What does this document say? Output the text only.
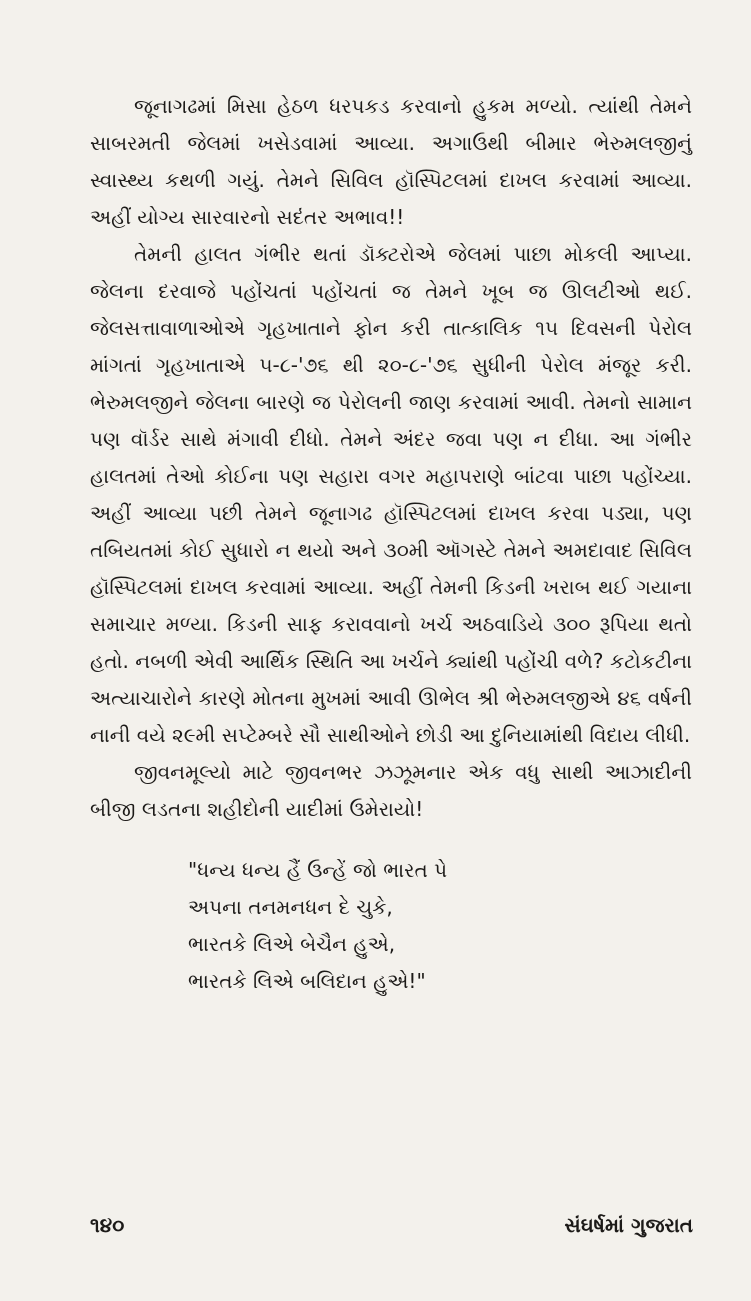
જૂનાગઢમાં મિસા હેઠળ ધરપકડ કરવાનો હુકમ મળ્યો. ત્યાંથી તેમને સાબરમતી જેલમાં ખસેડવામાં આવ્યા. અગાઉથી બીમાર ભેરુમલજીનું સ્વાસ્થ્ય કથળી ગયું. તેમને સિવિલ હૉસ્પિટલમાં દાખલ કરવામાં આવ્યા. અહીં યોગ્ય સારવારનો સદંતર અભાવ!!

તેમની હાલત ગંભીર થતાં ડૉક્ટરોએ જેલમાં પાછા મોકલી આપ્યા. જેલના દરવાજે પહોંચતાં પહોંચતાં જ તેમને ખૂબ જ ઊલટીઓ થઈ. જેલસત્તાવાળાઓએ ગૃહખાતાને ફોન કરી તાત્કાલિક ૧૫ દિવસની પેરોલ માંગતાં ગૃહખાતાએ ૫-૮-'૭૬ થી ૨૦-૮-'૭૬ સુધીની પેરોલ મંજૂર કરી. ભેરુમલજીને જેલના બારણે જ પેરોલની જાણ કરવામાં આવી. તેમનો સામાન પણ વૉર્ડર સાથે મંગાવી દીધો. તેમને અંદર જવા પણ ન દીધા. આ ગંભીર હાલતમાં તેઓ કોઈના પણ સહારા વગર મહાપરાણે બાંટવા પાછા પહોંચ્યા. અહીં આવ્યા પછી તેમને જૂનાગઢ હૉસ્પિટલમાં દાખલ કરવા પડ્યા, પણ તબિયતમાં કોઈ સુધારો ન થયો અને ૩૦મી ઑગસ્ટે તેમને અમદાવાદ સિવિલ હૉસ્પિટલમાં દાખલ કરવામાં આવ્યા. અહીં તેમની કિડની ખરાબ થઈ ગયાના સમાચાર મળ્યા. કિડની સાફ કરાવવાનો ખર્ચ અઠવાડિયે ૩૦૦ રૂપિયા થતો હતો. નબળી એવી આર્થિક સ્થિતિ આ ખર્ચને ક્યાંથી પહોંચી વળે? કટોકટીના અત્યાચારોને કારણે મોતના મુખમાં આવી ઊભેલ શ્રી ભેરુમલજીએ ૪૬ વર્ષની નાની વયે ૨૯મી સપ્ટેમ્બરે સૌ સાથીઓને છોડી આ દુનિયામાંથી વિદાય લીધી.

જીવનમૂલ્યો માટે જીવનભર ઝઝૂમનાર એક વધુ સાથી આઝાદીની બીજી લડતના શહીદોની યાદીમાં ઉમેરાયો!

"ધન્ય ધન્ય હૈં ઉન્હેં જો ભારત પે
અપના તનમનધન દે ચુકે,
ભારતકે લિએ બેચૈન હુએ,
ભારતકે લિએ બલિદાન હુએ!"
૧૪૦	સંઘર્ષમાં ગુજરાત
